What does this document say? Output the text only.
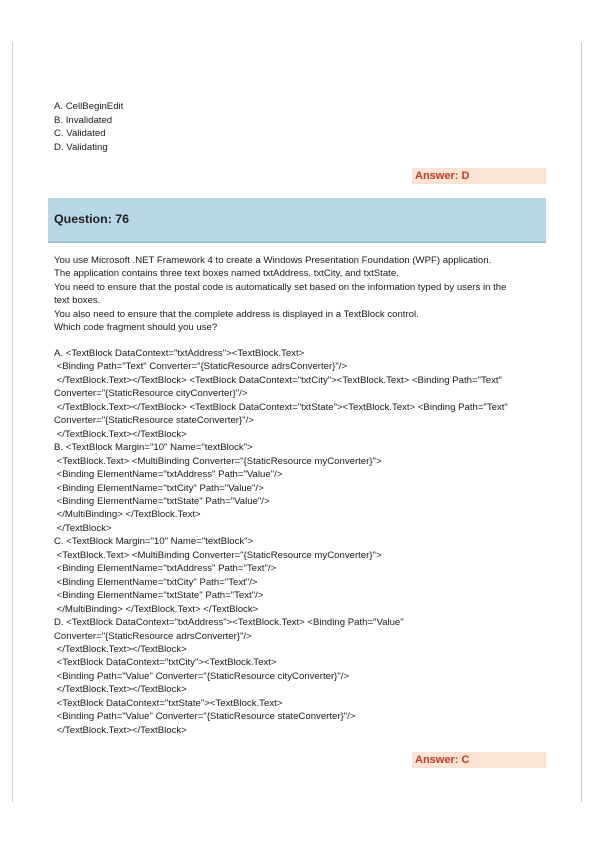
A. CellBeginEdit
B. Invalidated
C. Validated
D. Validating
Answer: D
Question: 76
You use Microsoft .NET Framework 4 to create a Windows Presentation Foundation (WPF) application.
The application contains three text boxes named txtAddress, txtCity, and txtState.
You need to ensure that the postal code is automatically set based on the information typed by users in the
text boxes.
You also need to ensure that the complete address is displayed in a TextBlock control.
Which code fragment should you use?
A. <TextBlock DataContext="txtAddress"><TextBlock.Text>
<Binding Path="Text" Converter="{StaticResource adrsConverter}"/>
</TextBlock.Text></TextBlock> <TextBlock DataContext="txtCity"><TextBlock.Text> <Binding Path="Text"
Converter="{StaticResource cityConverter}"/>
</TextBlock.Text></TextBlock> <TextBlock DataContext="txtState"><TextBlock.Text> <Binding Path="Text"
Converter="{StaticResource stateConverter}"/>
</TextBlock.Text></TextBlock>
B. <TextBlock Margin="10" Name="textBlock">
<TextBlock.Text> <MultiBinding Converter="{StaticResource myConverter}">
<Binding ElementName="txtAddress" Path="Value"/>
<Binding ElementName="txtCity" Path="Value"/>
<Binding ElementName="txtState" Path="Value"/>
</MultiBinding> </TextBlock.Text>
</TextBlock>
C. <TextBlock Margin="10" Name="textBlock">
<TextBlock.Text> <MultiBinding Converter="{StaticResource myConverter}">
<Binding ElementName="txtAddress" Path="Text"/>
<Binding ElementName="txtCity" Path="Text"/>
<Binding ElementName="txtState" Path="Text"/>
</MultiBinding> </TextBlock.Text> </TextBlock>
D. <TextBlock DataContext="txtAddress"><TextBlock.Text> <Binding Path="Value"
Converter="{StaticResource adrsConverter}"/>
</TextBlock.Text></TextBlock>
<TextBlock DataContext="txtCity"><TextBlock.Text>
<Binding Path="Value" Converter="{StaticResource cityConverter}"/>
</TextBlock.Text></TextBlock>
<TextBlock DataContext="txtState"><TextBlock.Text>
<Binding Path="Value" Converter="{StaticResource stateConverter}"/>
</TextBlock.Text></TextBlock>
Answer: C
